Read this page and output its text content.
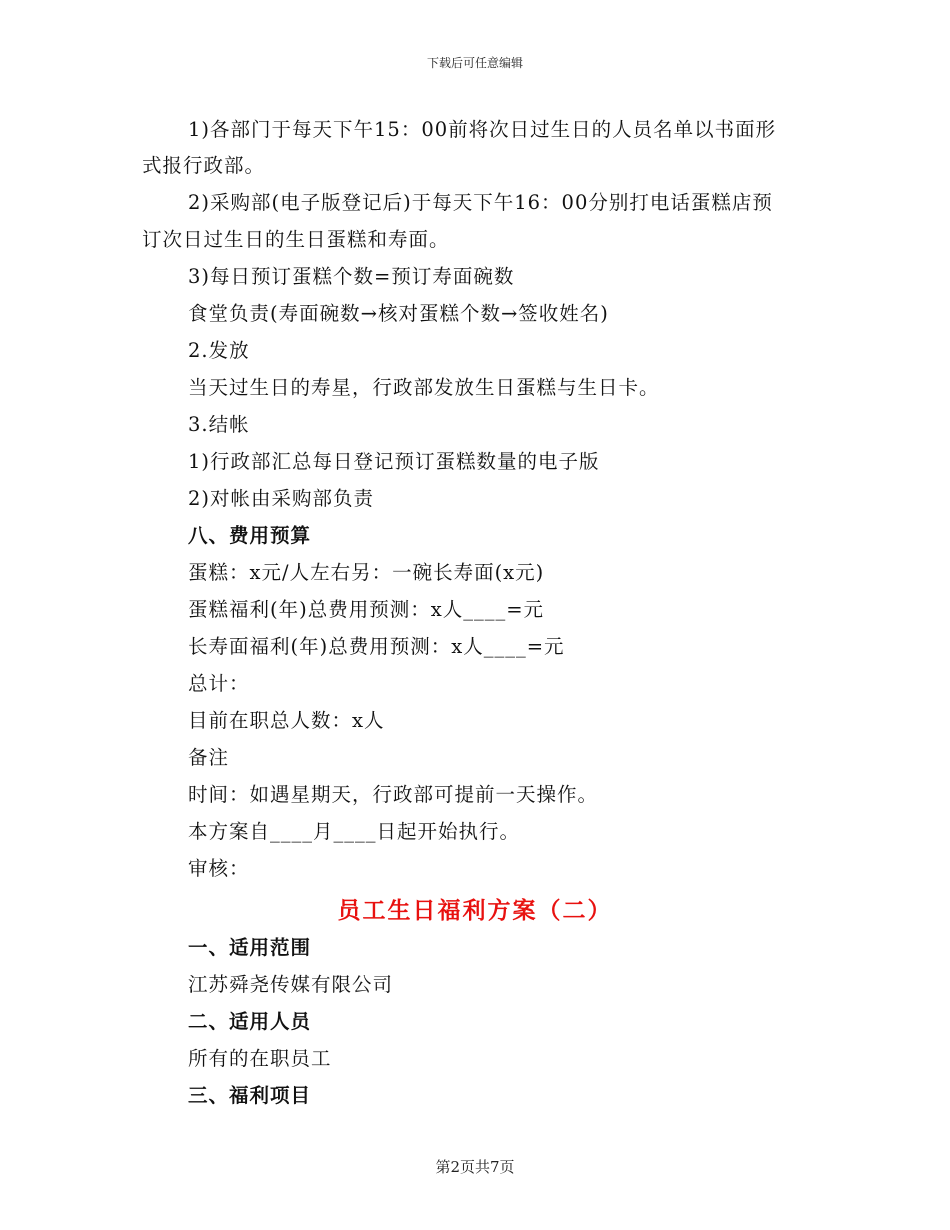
下载后可任意编辑
1)各部门于每天下午15：00前将次日过生日的人员名单以书面形
式报行政部。
2)采购部(电子版登记后)于每天下午16：00分别打电话蛋糕店预
订次日过生日的生日蛋糕和寿面。
3)每日预订蛋糕个数=预订寿面碗数
食堂负责(寿面碗数→核对蛋糕个数→签收姓名)
2.发放
当天过生日的寿星，行政部发放生日蛋糕与生日卡。
3.结帐
1)行政部汇总每日登记预订蛋糕数量的电子版
2)对帐由采购部负责
八、费用预算
蛋糕：x元/人左右另：一碗长寿面(x元)
蛋糕福利(年)总费用预测：x人____=元
长寿面福利(年)总费用预测：x人____=元
总计：
目前在职总人数：x人
备注
时间：如遇星期天，行政部可提前一天操作。
本方案自____月____日起开始执行。
审核：
员工生日福利方案（二）
一、适用范围
江苏舜尧传媒有限公司
二、适用人员
所有的在职员工
三、福利项目
第2页共7页
